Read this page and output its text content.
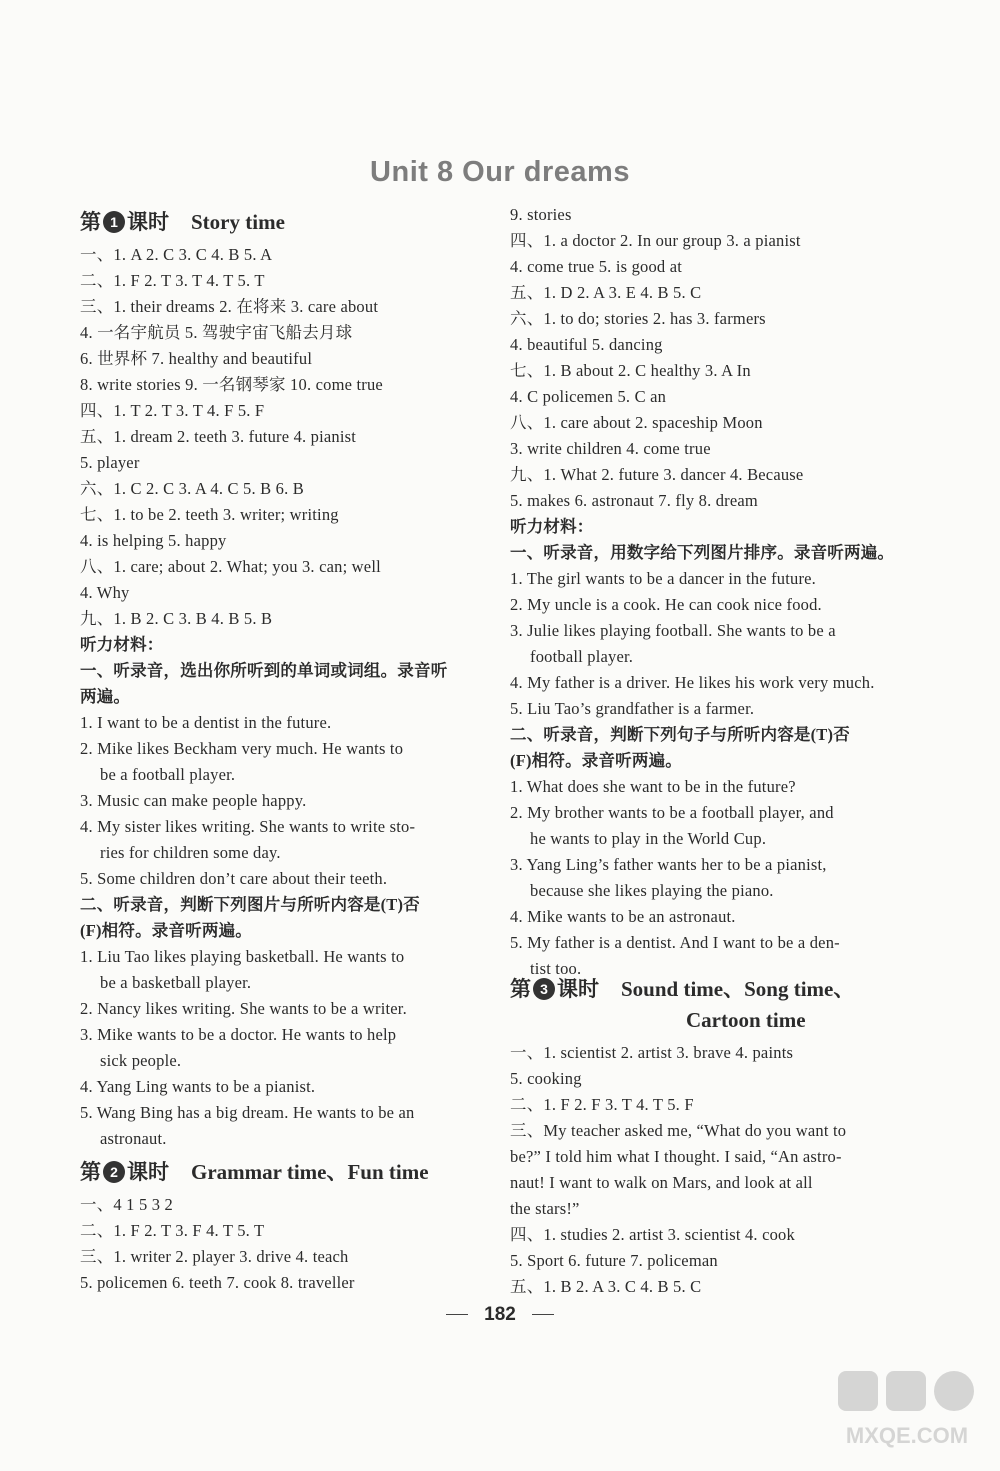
Unit 8 Our dreams
第 1 课时 Story time
一、1. A 2. C 3. C 4. B 5. A
二、1. F 2. T 3. T 4. T 5. T
三、1. their dreams 2. 在将来 3. care about
4. 一名宇航员 5. 驾驶宇宙飞船去月球
6. 世界杯 7. healthy and beautiful
8. write stories 9. 一名钢琴家 10. come true
四、1. T 2. T 3. T 4. F 5. F
五、1. dream 2. teeth 3. future 4. pianist
5. player
六、1. C 2. C 3. A 4. C 5. B 6. B
七、1. to be 2. teeth 3. writer; writing
4. is helping 5. happy
八、1. care; about 2. What; you 3. can; well
4. Why
九、1. B 2. C 3. B 4. B 5. B
听力材料：
一、听录音，选出你所听到的单词或词组。录音听
两遍。
1. I want to be a dentist in the future.
2. Mike likes Beckham very much. He wants to
be a football player.
3. Music can make people happy.
4. My sister likes writing. She wants to write sto-
ries for children some day.
5. Some children don’t care about their teeth.
二、听录音，判断下列图片与所听内容是(T)否
(F)相符。录音听两遍。
1. Liu Tao likes playing basketball. He wants to
be a basketball player.
2. Nancy likes writing. She wants to be a writer.
3. Mike wants to be a doctor. He wants to help
sick people.
4. Yang Ling wants to be a pianist.
5. Wang Bing has a big dream. He wants to be an
astronaut.
第 2 课时 Grammar time、Fun time
一、4 1 5 3 2
二、1. F 2. T 3. F 4. T 5. T
三、1. writer 2. player 3. drive 4. teach
5. policemen 6. teeth 7. cook 8. traveller
9. stories
四、1. a doctor 2. In our group 3. a pianist
4. come true 5. is good at
五、1. D 2. A 3. E 4. B 5. C
六、1. to do; stories 2. has 3. farmers
4. beautiful 5. dancing
七、1. B about 2. C healthy 3. A In
4. C policemen 5. C an
八、1. care about 2. spaceship Moon
3. write children 4. come true
九、1. What 2. future 3. dancer 4. Because
5. makes 6. astronaut 7. fly 8. dream
听力材料：
一、听录音，用数字给下列图片排序。录音听两遍。
1. The girl wants to be a dancer in the future.
2. My uncle is a cook. He can cook nice food.
3. Julie likes playing football. She wants to be a
football player.
4. My father is a driver. He likes his work very much.
5. Liu Tao’s grandfather is a farmer.
二、听录音，判断下列句子与所听内容是(T)否
(F)相符。录音听两遍。
1. What does she want to be in the future?
2. My brother wants to be a football player, and
he wants to play in the World Cup.
3. Yang Ling’s father wants her to be a pianist,
because she likes playing the piano.
4. Mike wants to be an astronaut.
5. My father is a dentist. And I want to be a den-
tist too.
第 3 课时 Sound time、Song time、
Cartoon time
一、1. scientist 2. artist 3. brave 4. paints
5. cooking
二、1. F 2. F 3. T 4. T 5. F
三、My teacher asked me, “What do you want to
be?” I told him what I thought. I said, “An astro-
naut! I want to walk on Mars, and look at all
the stars!”
四、1. studies 2. artist 3. scientist 4. cook
5. Sport 6. future 7. policeman
五、1. B 2. A 3. C 4. B 5. C
182
MXQE.COM
